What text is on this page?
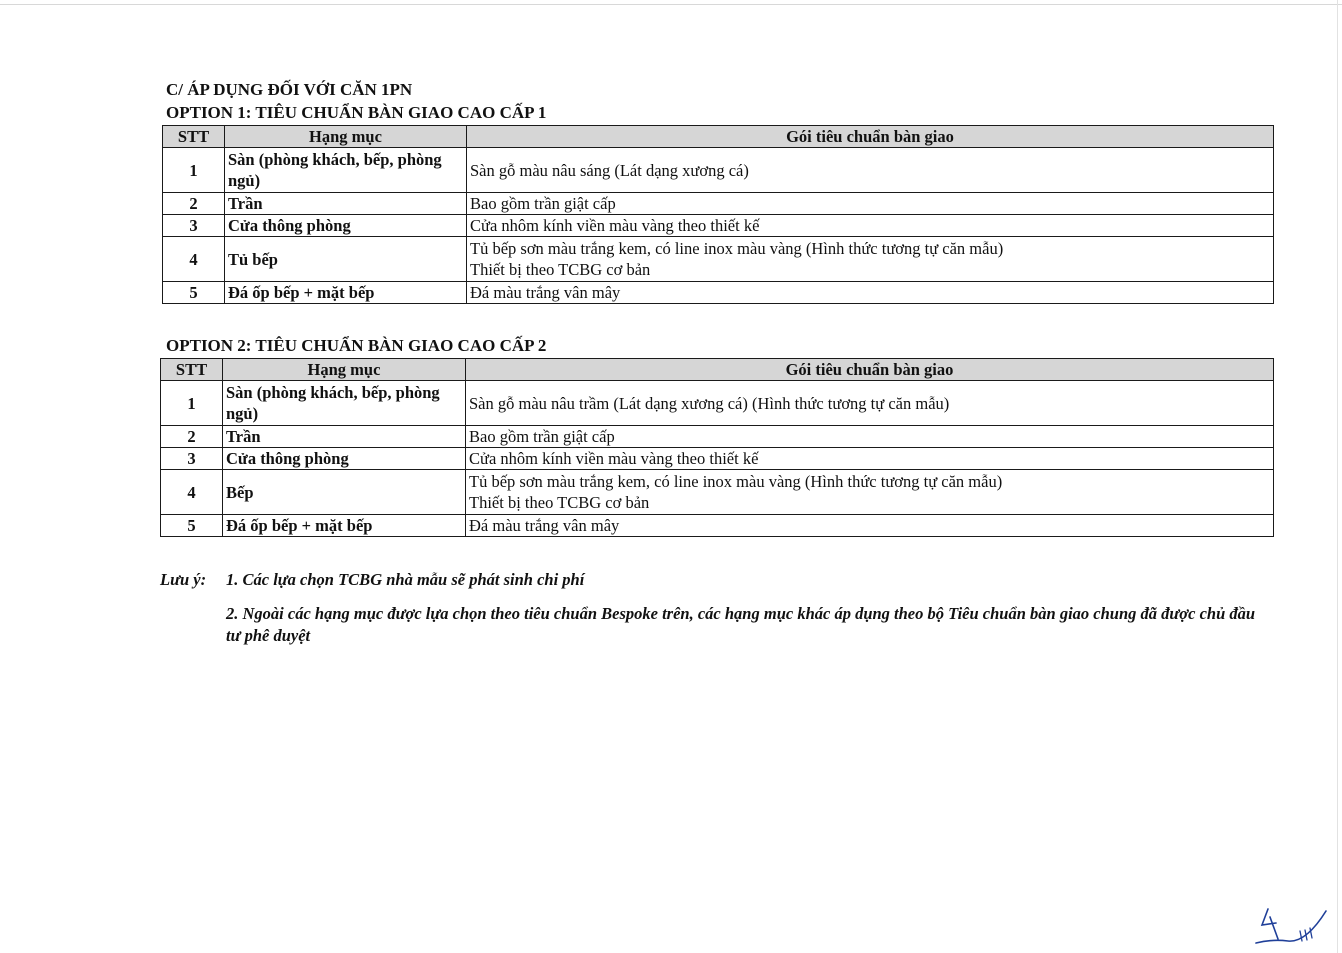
C/ ÁP DỤNG ĐỐI VỚI CĂN 1PN
OPTION 1: TIÊU CHUẨN BÀN GIAO CAO CẤP 1
STT	Hạng mục	Gói tiêu chuẩn bàn giao
1	Sàn (phòng khách, bếp, phòng ngủ)	Sàn gỗ màu nâu sáng (Lát dạng xương cá)

2	Trần	Bao gồm trần giật cấp

3	Cửa thông phòng	Cửa nhôm kính viền màu vàng theo thiết kế

4	Tủ bếp	Tủ bếp sơn màu trắng kem, có line inox màu vàng (Hình thức tương tự căn mẫu)
Thiết bị theo TCBG cơ bản

5	Đá ốp bếp + mặt bếp	Đá màu trắng vân mây
OPTION 2: TIÊU CHUẨN BÀN GIAO CAO CẤP 2
STT	Hạng mục	Gói tiêu chuẩn bàn giao
1	Sàn (phòng khách, bếp, phòng ngủ)	Sàn gỗ màu nâu trầm (Lát dạng xương cá) (Hình thức tương tự căn mẫu)

2	Trần	Bao gồm trần giật cấp

3	Cửa thông phòng	Cửa nhôm kính viền màu vàng theo thiết kế

4	Bếp	Tủ bếp sơn màu trắng kem, có line inox màu vàng (Hình thức tương tự căn mẫu)
Thiết bị theo TCBG cơ bản

5	Đá ốp bếp + mặt bếp	Đá màu trắng vân mây
Lưu ý: 1. Các lựa chọn TCBG nhà mẫu sẽ phát sinh chi phí
2. Ngoài các hạng mục được lựa chọn theo tiêu chuẩn Bespoke trên, các hạng mục khác áp dụng theo bộ Tiêu chuẩn bàn giao chung đã được chủ đầu tư phê duyệt
